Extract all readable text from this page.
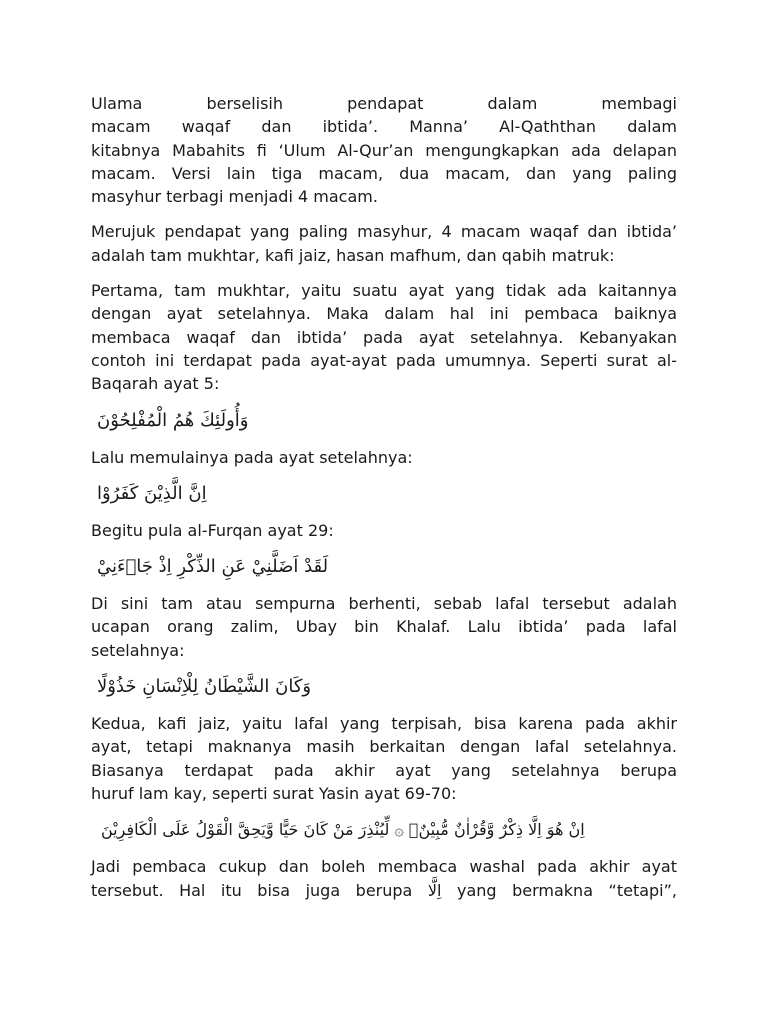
Ulama berselisih pendapat dalam membagi
macam waqaf dan ibtida’. Manna’ Al-Qaththan dalam
kitabnya Mabahits fi ‘Ulum Al-Qur’an mengungkapkan ada delapan
macam. Versi lain tiga macam, dua macam, dan yang paling
masyhur terbagi menjadi 4 macam.

Merujuk pendapat yang paling masyhur, 4 macam waqaf dan ibtida’
adalah tam mukhtar, kafi jaiz, hasan mafhum, dan qabih matruk:

Pertama, tam mukhtar, yaitu suatu ayat yang tidak ada kaitannya
dengan ayat setelahnya. Maka dalam hal ini pembaca baiknya
membaca waqaf dan ibtida’ pada ayat setelahnya. Kebanyakan
contoh ini terdapat pada ayat-ayat pada umumnya. Seperti surat al-
Baqarah ayat 5:

وَأُولَئِكَ هُمُ الْمُفْلِحُوْنَ

Lalu memulainya pada ayat setelahnya:

اِنَّ الَّذِيْنَ كَفَرُوْا

Begitu pula al-Furqan ayat 29:

لَقَدْ اَضَلَّنِيْ عَنِ الذِّكْرِ اِذْ جَاۤءَنِيْ

Di sini tam atau sempurna berhenti, sebab lafal tersebut adalah
ucapan orang zalim, Ubay bin Khalaf. Lalu ibtida’ pada lafal
setelahnya:

وَكَانَ الشَّيْطَانُ لِلْاِنْسَانِ خَذُوْلًا

Kedua, kafi jaiz, yaitu lafal yang terpisah, bisa karena pada akhir
ayat, tetapi maknanya masih berkaitan dengan lafal setelahnya.
Biasanya terdapat pada akhir ayat yang setelahnya berupa
huruf lam kay, seperti surat Yasin ayat 69-70:

اِنْ هُوَ اِلَّا ذِكْرٌ وَّقُرْاٰنٌ مُّبِيْنٌۙ ۞ لِّيُنْذِرَ مَنْ كَانَ حَيًّا وَّيَحِقَّ الْقَوْلُ عَلَى الْكَافِرِيْنَ

Jadi pembaca cukup dan boleh membaca washal pada akhir ayat
tersebut. Hal itu bisa juga berupa اِلَّا yang bermakna “tetapi”,
